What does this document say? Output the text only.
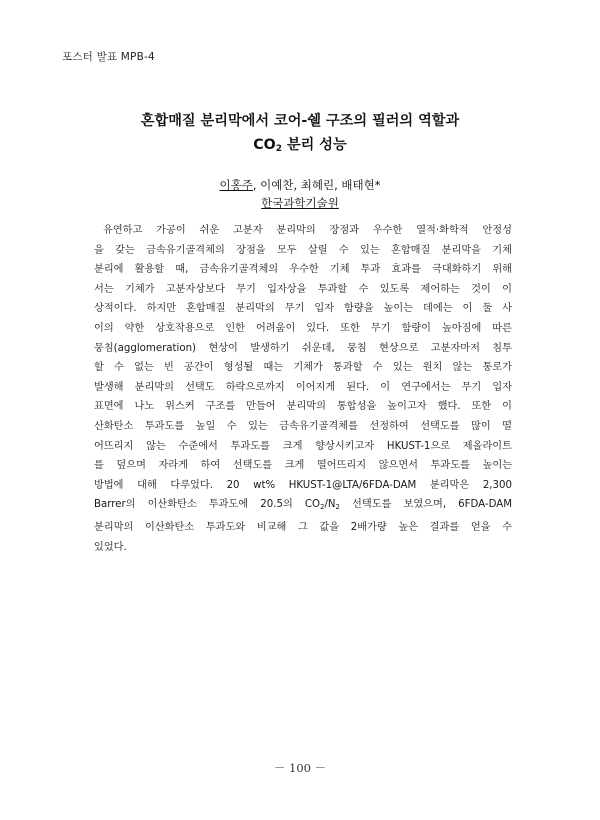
포스터 발표 MPB-4
혼합매질 분리막에서 코어-쉘 구조의 필러의 역할과
$CO_2$ 분리 성능
이홍주, 이예찬, 최혜린, 배태현*
한국과학기술원
유연하고 가공이 쉬운 고분자 분리막의 장점과 우수한 열적·화학적 안정성
을 갖는 금속유기골격체의 장점을 모두 살릴 수 있는 혼합매질 분리막을 기체
분리에 활용할 때, 금속유기골격체의 우수한 기체 투과 효과를 극대화하기 위해
서는 기체가 고분자상보다 무기 입자상을 투과할 수 있도록 제어하는 것이 이
상적이다. 하지만 혼합매질 분리막의 무기 입자 함량을 높이는 데에는 이 둘 사
이의 약한 상호작용으로 인한 어려움이 있다. 또한 무기 함량이 높아짐에 따른
뭉침(agglomeration) 현상이 발생하기 쉬운데, 뭉침 현상으로 고분자마저 침투
할 수 없는 빈 공간이 형성될 때는 기체가 통과할 수 있는 원치 않는 통로가
발생해 분리막의 선택도 하락으로까지 이어지게 된다. 이 연구에서는 무기 입자
표면에 나노 위스커 구조를 만들어 분리막의 통합성을 높이고자 했다. 또한 이
산화탄소 투과도를 높일 수 있는 금속유기골격체를 선정하여 선택도를 많이 떨
어뜨리지 않는 수준에서 투과도를 크게 향상시키고자 HKUST-1으로 제올라이트
를 덮으며 자라게 하여 선택도를 크게 떨어뜨리지 않으면서 투과도를 높이는
방법에 대해 다루었다. 20 wt% HKUST-1@LTA/6FDA-DAM 분리막은 2,300
Barrer의 이산화탄소 투과도에 20.5의 $CO_2/N_2$ 선택도를 보였으며, 6FDA-DAM
분리막의 이산화탄소 투과도와 비교해 그 값을 2배가량 높은 결과를 얻을 수
있었다.
－ 100 －
